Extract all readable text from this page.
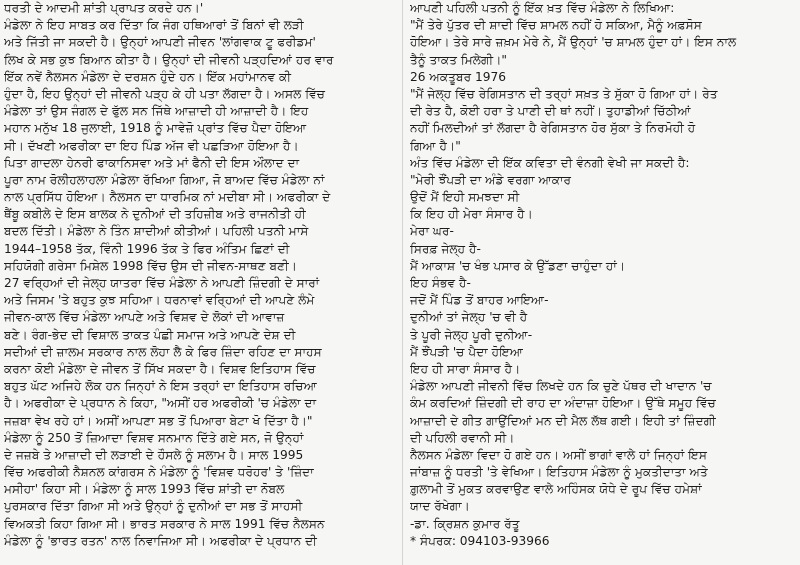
ਧਰਤੀ ਦੇ ਆਦਮੀ ਸ਼ਾਂਤੀ ਪ੍ਰਾਪਤ ਕਰਦੇ ਹਨ।'
ਮੰਡੇਲਾ ਨੇ ਇਹ ਸਾਬਤ ਕਰ ਦਿੱਤਾ ਕਿ ਜੰਗ ਹਥਿਆਰਾਂ ਤੋਂ ਬਿਨਾਂ ਵੀ ਲੜੀ
ਅਤੇ ਜਿੱਤੀ ਜਾ ਸਕਦੀ ਹੈ। ਉਨ੍ਹਾਂ ਆਪਣੀ ਜੀਵਨ 'ਲਾਂਗਵਾਕ ਟੂ ਫਰੀਡਮ'
ਲਿਖ ਕੇ ਸਭ ਕੁਝ ਬਿਆਨ ਕੀਤਾ ਹੈ। ਉਨ੍ਹਾਂ ਦੀ ਜੀਵਨੀ ਪੜ੍ਹਦਿਆਂ ਹਰ ਵਾਰ
ਇੱਕ ਨਵੇਂ ਨੈਲਸਨ ਮੰਡੇਲਾ ਦੇ ਦਰਸ਼ਨ ਹੁੰਦੇ ਹਨ। ਇੱਕ ਮਹਾਂਮਾਨਵ ਕੀ
ਹੁੰਦਾ ਹੈ, ਇਹ ਉਨ੍ਹਾਂ ਦੀ ਜੀਵਨੀ ਪੜ੍ਹ ਕੇ ਹੀ ਪਤਾ ਲੱਗਦਾ ਹੈ। ਅਸਲ ਵਿੱਚ
ਮੰਡੇਲਾ ਤਾਂ ਉਸ ਜੰਗਲ ਦੇ ਫੁੱਲ ਸਨ ਜਿੱਥੇ ਆਜ਼ਾਦੀ ਹੀ ਆਜ਼ਾਦੀ ਹੈ। ਇਹ
ਮਹਾਨ ਮਨੁੱਖ 18 ਜੁਲਾਈ, 1918 ਨੂੰ ਮਾਵੇਜ਼ੋ ਪ੍ਰਾਂਤ ਵਿੱਚ ਪੈਦਾ ਹੋਇਆ
ਸੀ। ਦੱਖਣੀ ਅਫਰੀਕਾ ਦਾ ਇਹ ਪਿੰਡ ਅੱਜ ਵੀ ਪਛੜਿਆ ਹੋਇਆ ਹੈ।
ਪਿਤਾ ਗਾਦਲਾ ਹੇਨਰੀ ਫਾਕਾਨਿਸਵਾ ਅਤੇ ਮਾਂ ਫੈਨੀ ਦੀ ਇਸ ਔਲਾਦ ਦਾ
ਪੂਰਾ ਨਾਮ ਰੋਲੀਹਲਾਹਲਾ ਮੰਡੇਲਾ ਰੱਖਿਆ ਗਿਆ, ਜੋ ਬਾਅਦ ਵਿੱਚ ਮੰਡੇਲਾ ਨਾਂ
ਨਾਲ ਪ੍ਰਸਿੱਧ ਹੋਇਆ। ਨੈਲਸਨ ਦਾ ਧਾਰਮਿਕ ਨਾਂ ਮਦੀਬਾ ਸੀ। ਅਫਰੀਕਾ ਦੇ
ਥੈਂਬੂ ਕਬੀਲੇ ਦੇ ਇਸ ਬਾਲਕ ਨੇ ਦੁਨੀਆਂ ਦੀ ਤਹਿਜ਼ੀਬ ਅਤੇ ਰਾਜਨੀਤੀ ਹੀ
ਬਦਲ ਦਿੱਤੀ। ਮੰਡੇਲਾ ਨੇ ਤਿੰਨ ਸ਼ਾਦੀਆਂ ਕੀਤੀਆਂ। ਪਹਿਲੀ ਪਤਨੀ ਮਾਸੇ
1944–1958 ਤੱਕ, ਵਿੰਨੀ 1996 ਤੱਕ ਤੇ ਫਿਰ ਅੰਤਿਮ ਛਿਣਾਂ ਦੀ
ਸਹਿਯੋਗੀ ਗਰੇਸਾ ਮਿਸ਼ੇਲ 1998 ਵਿੱਚ ਉਸ ਦੀ ਜੀਵਨ-ਸਾਥਣ ਬਣੀ।
27 ਵਰ੍ਹਿਆਂ ਦੀ ਜੇਲ੍ਹ ਯਾਤਰਾ ਵਿੱਚ ਮੰਡੇਲਾ ਨੇ ਆਪਣੀ ਜ਼ਿੰਦਗੀ ਦੇ ਸਾਰਾਂ
ਅਤੇ ਜਿਸਮ 'ਤੇ ਬਹੁਤ ਕੁਝ ਸਹਿਆ। ਧਰਨਾਵਾਂ ਵਰ੍ਹਿਆਂ ਦੀ ਆਪਣੇ ਲੰਮੇ
ਜੀਵਨ-ਕਾਲ ਵਿੱਚ ਮੰਡੇਲਾ ਆਪਣੇ ਅਤੇ ਵਿਸ਼ਵ ਦੇ ਲੋਕਾਂ ਦੀ ਆਵਾਜ਼
ਬਣੇ। ਰੰਗ-ਭੇਦ ਦੀ ਵਿਸ਼ਾਲ ਤਾਕਤ ਪੰਛੀ ਸਮਾਜ ਅਤੇ ਆਪਣੇ ਦੇਸ਼ ਦੀ
ਸਦੀਆਂ ਦੀ ਜ਼ਾਲਮ ਸਰਕਾਰ ਨਾਲ ਲੋਹਾ ਲੈ ਕੇ ਫਿਰ ਜ਼ਿੰਦਾ ਰਹਿਣ ਦਾ ਸਾਹਸ
ਕਰਨਾ ਕੋਈ ਮੰਡੇਲਾ ਦੇ ਜੀਵਨ ਤੋਂ ਸਿੱਖ ਸਕਦਾ ਹੈ। ਵਿਸ਼ਵ ਇਤਿਹਾਸ ਵਿੱਚ
ਬਹੁਤ ਘੱਟ ਅਜਿਹੇ ਲੋਕ ਹਨ ਜਿਨ੍ਹਾਂ ਨੇ ਇਸ ਤਰ੍ਹਾਂ ਦਾ ਇਤਿਹਾਸ ਰਚਿਆ
ਹੈ। ਅਫਰੀਕਾ ਦੇ ਪ੍ਰਧਾਨ ਨੇ ਕਿਹਾ, "ਅਸੀਂ ਹਰ ਅਫਰੀਕੀ 'ਚ ਮੰਡੇਲਾ ਦਾ
ਜਜ਼ਬਾ ਵੇਖ ਰਹੇ ਹਾਂ। ਅਸੀਂ ਆਪਣਾ ਸਭ ਤੋਂ ਪਿਆਰਾ ਬੇਟਾ ਖੋ ਦਿੱਤਾ ਹੈ।"
ਮੰਡੇਲਾ ਨੂੰ 250 ਤੋਂ ਜ਼ਿਆਦਾ ਵਿਸ਼ਵ ਸਨਮਾਨ ਦਿੱਤੇ ਗਏ ਸਨ, ਜੋ ਉਨ੍ਹਾਂ
ਦੇ ਜਜ਼ਬੇ ਤੇ ਆਜ਼ਾਦੀ ਦੀ ਲੜਾਈ ਦੇ ਹੌਸਲੇ ਨੂੰ ਸਲਾਮ ਹੈ। ਸਾਲ 1995
ਵਿੱਚ ਅਫਰੀਕੀ ਨੈਸ਼ਨਲ ਕਾਂਗਰਸ ਨੇ ਮੰਡੇਲਾ ਨੂੰ 'ਵਿਸ਼ਵ ਧਰੋਹਰ' ਤੇ 'ਜ਼ਿੰਦਾ
ਮਸੀਹਾ' ਕਿਹਾ ਸੀ। ਮੰਡੇਲਾ ਨੂੰ ਸਾਲ 1993 ਵਿੱਚ ਸ਼ਾਂਤੀ ਦਾ ਨੋਬਲ
ਪੁਰਸਕਾਰ ਦਿੱਤਾ ਗਿਆ ਸੀ ਅਤੇ ਉਨ੍ਹਾਂ ਨੂੰ ਦੁਨੀਆਂ ਦਾ ਸਭ ਤੋਂ ਸਾਹਸੀ
ਵਿਅਕਤੀ ਕਿਹਾ ਗਿਆ ਸੀ। ਭਾਰਤ ਸਰਕਾਰ ਨੇ ਸਾਲ 1991 ਵਿੱਚ ਨੈਲਸਨ
ਮੰਡੇਲਾ ਨੂੰ 'ਭਾਰਤ ਰਤਨ' ਨਾਲ ਨਿਵਾਜਿਆ ਸੀ। ਅਫਰੀਕਾ ਦੇ ਪ੍ਰਧਾਨ ਦੀ
ਆਪਣੀ ਪਹਿਲੀ ਪਤਨੀ ਨੂੰ ਇੱਕ ਖ਼ਤ ਵਿੱਚ ਮੰਡੇਲਾ ਨੇ ਲਿਖਿਆ:
"ਮੈਂ ਤੇਰੇ ਪੁੱਤਰ ਦੀ ਸ਼ਾਦੀ ਵਿੱਚ ਸ਼ਾਮਲ ਨਹੀਂ ਹੋ ਸਕਿਆ, ਮੈਨੂੰ ਅਫ਼ਸੋਸ
ਹੋਇਆ। ਤੇਰੇ ਸਾਰੇ ਜ਼ਖ਼ਮ ਮੇਰੇ ਨੇ, ਮੈਂ ਉਨ੍ਹਾਂ 'ਚ ਸ਼ਾਮਲ ਹੁੰਦਾ ਹਾਂ। ਇਸ ਨਾਲ
ਤੈਨੂੰ ਤਾਕਤ ਮਿਲੇਗੀ।"
26 ਅਕਤੂਬਰ 1976
"ਮੈਂ ਜੇਲ੍ਹ ਵਿੱਚ ਰੇਗਿਸਤਾਨ ਦੀ ਤਰ੍ਹਾਂ ਸਖ਼ਤ ਤੇ ਸੁੱਕਾ ਹੋ ਗਿਆ ਹਾਂ। ਰੇਤ
ਦੀ ਰੇਤ ਹੈ, ਕੋਈ ਹਰਾ ਤੇ ਪਾਣੀ ਦੀ ਥਾਂ ਨਹੀਂ। ਤੁਹਾਡੀਆਂ ਚਿੱਠੀਆਂ
ਨਹੀਂ ਮਿਲਦੀਆਂ ਤਾਂ ਲੱਗਦਾ ਹੈ ਰੇਗਿਸਤਾਨ ਹੋਰ ਸੁੱਕਾ ਤੇ ਨਿਰਮੋਹੀ ਹੋ
ਗਿਆ ਹੈ।"
ਅੰਤ ਵਿੱਚ ਮੰਡੇਲਾ ਦੀ ਇੱਕ ਕਵਿਤਾ ਦੀ ਵੰਨਗੀ ਵੇਖੀ ਜਾ ਸਕਦੀ ਹੈ:
"ਮੇਰੀ ਝੌਂਪੜੀ ਦਾ ਅੰਡੇ ਵਰਗਾ ਆਕਾਰ
ਉਦੋਂ ਮੈਂ ਇਹੀ ਸਮਝਦਾ ਸੀ
ਕਿ ਇਹ ਹੀ ਮੇਰਾ ਸੰਸਾਰ ਹੈ।
ਮੇਰਾ ਘਰ-
ਸਿਰਫ਼ ਜੇਲ੍ਹ ਹੈ-
ਮੈਂ ਆਕਾਸ਼ 'ਚ ਖੰਭ ਪਸਾਰ ਕੇ ਉੱਡਣਾ ਚਾਹੁੰਦਾ ਹਾਂ।
ਇਹ ਸੰਭਵ ਹੈ-
ਜਦੋਂ ਮੈਂ ਪਿੰਡ ਤੋਂ ਬਾਹਰ ਆਇਆ-
ਦੁਨੀਆਂ ਤਾਂ ਜੇਲ੍ਹ 'ਚ ਵੀ ਹੈ
ਤੇ ਪੂਰੀ ਜੇਲ੍ਹ ਪੂਰੀ ਦੁਨੀਆ-
ਮੈਂ ਝੌਂਪੜੀ 'ਚ ਪੈਦਾ ਹੋਇਆ
ਇਹ ਹੀ ਸਾਰਾ ਸੰਸਾਰ ਹੈ।
ਮੰਡੇਲਾ ਆਪਣੀ ਜੀਵਨੀ ਵਿੱਚ ਲਿਖਦੇ ਹਨ ਕਿ ਚੁਣੇ ਪੱਥਰ ਦੀ ਖਾਦਾਨ 'ਚ
ਕੰਮ ਕਰਦਿਆਂ ਜ਼ਿੰਦਗੀ ਦੀ ਰਾਹ ਦਾ ਅੰਦਾਜ਼ਾ ਹੋਇਆ। ਉੱਥੇ ਸਮੂਹ ਵਿੱਚ
ਆਜ਼ਾਦੀ ਦੇ ਗੀਤ ਗਾਉਂਦਿਆਂ ਮਨ ਦੀ ਮੈਲ ਲੱਥ ਗਈ। ਇਹੀ ਤਾਂ ਜ਼ਿੰਦਗੀ
ਦੀ ਪਹਿਲੀ ਰਵਾਨੀ ਸੀ।
ਨੈਲਸਨ ਮੰਡੇਲਾ ਵਿਦਾ ਹੋ ਗਏ ਹਨ। ਅਸੀਂ ਭਾਗਾਂ ਵਾਲੇ ਹਾਂ ਜਿਨ੍ਹਾਂ ਇਸ
ਜਾਂਬਾਜ਼ ਨੂੰ ਧਰਤੀ 'ਤੇ ਵੇਖਿਆ। ਇਤਿਹਾਸ ਮੰਡੇਲਾ ਨੂੰ ਮੁਕਤੀਦਾਤਾ ਅਤੇ
ਗ਼ੁਲਾਮੀ ਤੋਂ ਮੁਕਤ ਕਰਵਾਉਣ ਵਾਲੇ ਅਹਿੰਸਕ ਯੋਧੇ ਦੇ ਰੂਪ ਵਿੱਚ ਹਮੇਸ਼ਾਂ
ਯਾਦ ਰੱਖੇਗਾ।
-ਡਾ. ਕ੍ਰਿਸ਼ਨ ਕੁਮਾਰ ਰੱਤੂ
* ਸੰਪਰਕ: 094103-93966
